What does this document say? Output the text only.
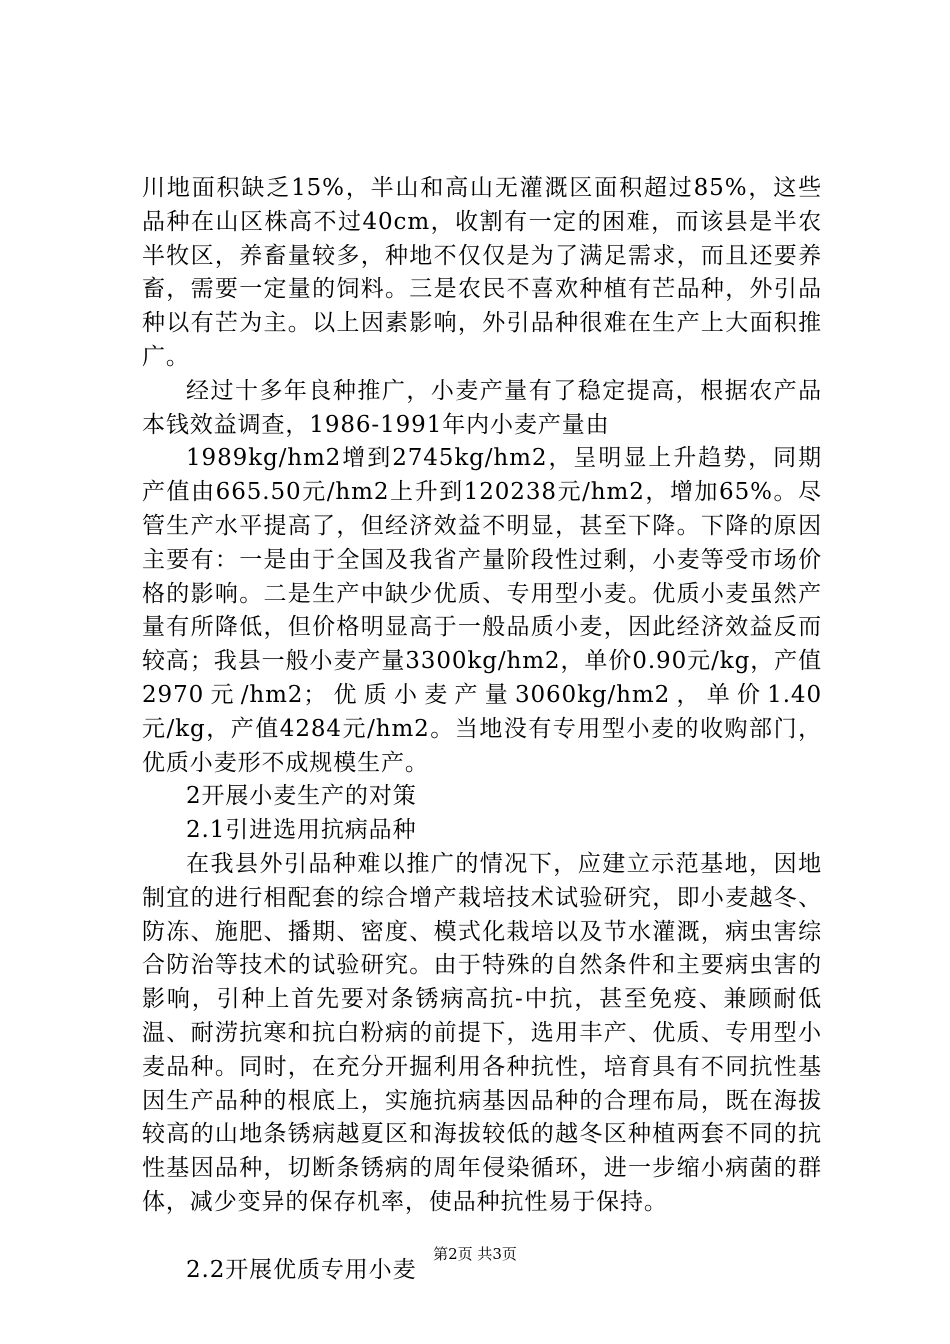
川地面积缺乏15%，半山和高山无灌溉区面积超过85%，这些品种在山区株高不过40cm，收割有一定的困难，而该县是半农半牧区，养畜量较多，种地不仅仅是为了满足需求，而且还要养畜，需要一定量的饲料。三是农民不喜欢种植有芒品种，外引品种以有芒为主。以上因素影响，外引品种很难在生产上大面积推广。

经过十多年良种推广，小麦产量有了稳定提高，根据农产品本钱效益调查，1986-1991年内小麦产量由

1989kg/hm2增到2745kg/hm2，呈明显上升趋势，同期产值由665.50元/hm2上升到120238元/hm2，增加65%。尽管生产水平提高了，但经济效益不明显，甚至下降。下降的原因主要有：一是由于全国及我省产量阶段性过剩，小麦等受市场价格的影响。二是生产中缺少优质、专用型小麦。优质小麦虽然产量有所降低，但价格明显高于一般品质小麦，因此经济效益反而较高；我县一般小麦产量3300kg/hm2，单价0.90元/kg，产值2970元/hm2；优质小麦产量3060kg/hm2，单价1.40元/kg，产值4284元/hm2。当地没有专用型小麦的收购部门，优质小麦形不成规模生产。

2开展小麦生产的对策

2.1引进选用抗病品种

在我县外引品种难以推广的情况下，应建立示范基地，因地制宜的进行相配套的综合增产栽培技术试验研究，即小麦越冬、防冻、施肥、播期、密度、模式化栽培以及节水灌溉，病虫害综合防治等技术的试验研究。由于特殊的自然条件和主要病虫害的影响，引种上首先要对条锈病高抗-中抗，甚至免疫、兼顾耐低温、耐涝抗寒和抗白粉病的前提下，选用丰产、优质、专用型小麦品种。同时，在充分开掘利用各种抗性，培育具有不同抗性基因生产品种的根底上，实施抗病基因品种的合理布局，既在海拔较高的山地条锈病越夏区和海拔较低的越冬区种植两套不同的抗性基因品种，切断条锈病的周年侵染循环，进一步缩小病菌的群体，减少变异的保存机率，使品种抗性易于保持。

2.2开展优质专用小麦

第2页 共3页
